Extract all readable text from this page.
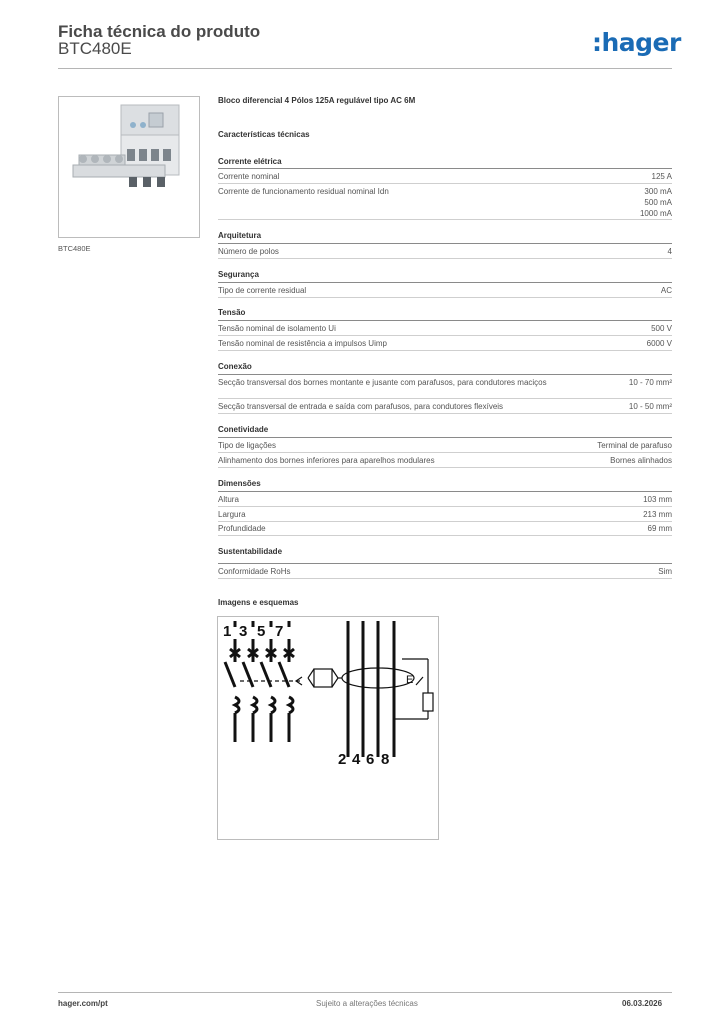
Ficha técnica do produto
BTC480E	:hager
BTC480E
Bloco diferencial 4 Pólos 125A regulável tipo AC 6M
Características técnicas
Corrente elétrica
Corrente nominal	125 A
Corrente de funcionamento residual nominal Idn	300 mA
500 mA
1000 mA
Arquitetura
Número de polos	4
Segurança
Tipo de corrente residual	AC
Tensão
Tensão nominal de isolamento Ui	500 V
Tensão nominal de resistência a impulsos Uimp	6000 V
Conexão
Secção transversal dos bornes montante e jusante com parafusos, para condutores maciços	10 - 70 mm²
Secção transversal de entrada e saída com parafusos, para condutores flexíveis	10 - 50 mm²
Conetividade
Tipo de ligações	Terminal de parafuso
Alinhamento dos bornes inferiores para aparelhos modulares	Bornes alinhados
Dimensões
Altura	103 mm
Largura	213 mm
Profundidade	69 mm
Sustentabilidade
Conformidade RoHs	Sim
Imagens e esquemas
1 3 5 7
2 4 6 8
E
hager.com/pt	Sujeito a alterações técnicas	06.03.2026
